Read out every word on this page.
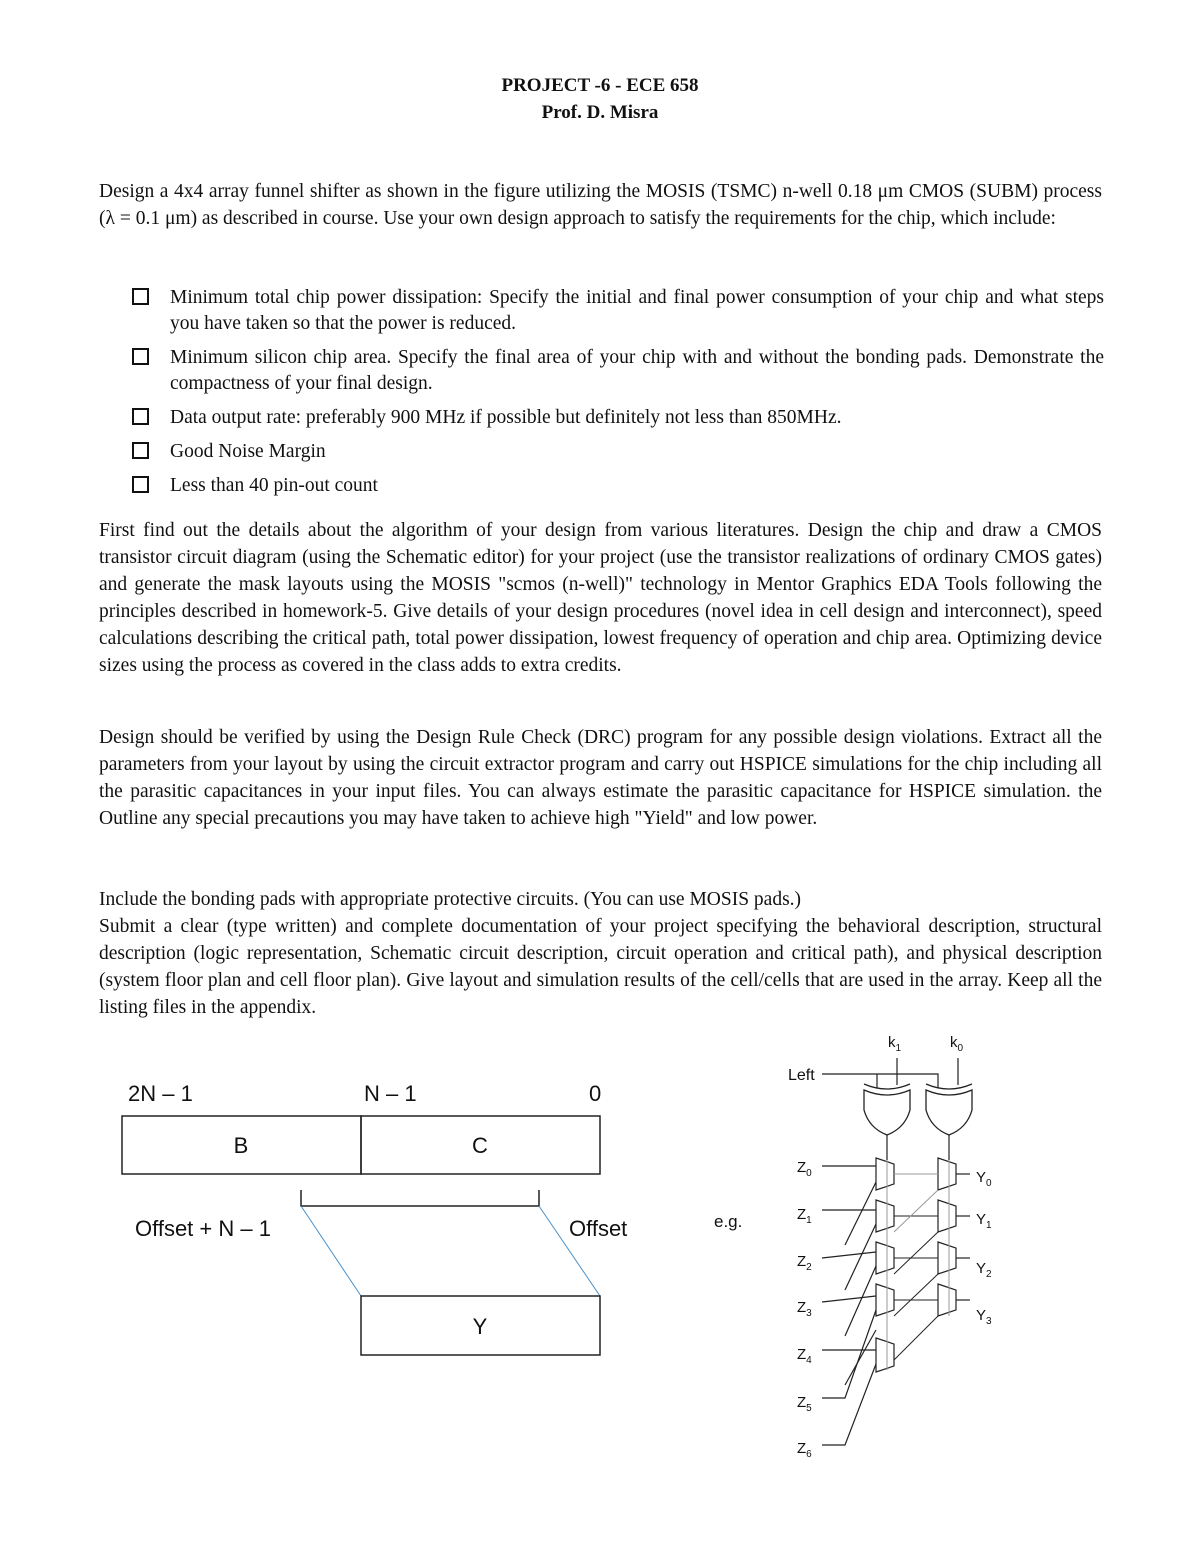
PROJECT -6 - ECE 658
Prof. D. Misra
Design a 4x4 array funnel shifter as shown in the figure utilizing the MOSIS (TSMC) n-well 0.18 μm CMOS (SUBM) process (λ = 0.1 μm) as described in course. Use your own design approach to satisfy the requirements for the chip, which include:
Minimum total chip power dissipation: Specify the initial and final power consumption of your chip and what steps you have taken so that the power is reduced.
Minimum silicon chip area. Specify the final area of your chip with and without the bonding pads. Demonstrate the compactness of your final design.
Data output rate: preferably 900 MHz if possible but definitely not less than 850MHz.
Good Noise Margin
Less than 40 pin-out count
First find out the details about the algorithm of your design from various literatures. Design the chip and draw a CMOS transistor circuit diagram (using the Schematic editor) for your project (use the transistor realizations of ordinary CMOS gates) and generate the mask layouts using the MOSIS "scmos (n-well)" technology in Mentor Graphics EDA Tools following the principles described in homework-5. Give details of your design procedures (novel idea in cell design and interconnect), speed calculations describing the critical path, total power dissipation, lowest frequency of operation and chip area. Optimizing device sizes using the process as covered in the class adds to extra credits.
Design should be verified by using the Design Rule Check (DRC) program for any possible design violations. Extract all the parameters from your layout by using the circuit extractor program and carry out HSPICE simulations for the chip including all the parasitic capacitances in your input files. You can always estimate the parasitic capacitance for HSPICE simulation. the Outline any special precautions you may have taken to achieve high "Yield" and low power.
Include the bonding pads with appropriate protective circuits. (You can use MOSIS pads.)
Submit a clear (type written) and complete documentation of your project specifying the behavioral description, structural description (logic representation, Schematic circuit description, circuit operation and critical path), and physical description (system floor plan and cell floor plan). Give layout and simulation results of the cell/cells that are used in the array. Keep all the listing files in the appendix.
2N – 1	N – 1	0
B	C
Offset + N – 1	Offset
Y
e.g.
$k_1$	$k_0$
Left
$Z_0$
$Z_1$
$Z_2$
$Z_3$
$Z_4$
$Z_5$
$Z_6$
$Y_0$
$Y_1$
$Y_2$
$Y_3$
